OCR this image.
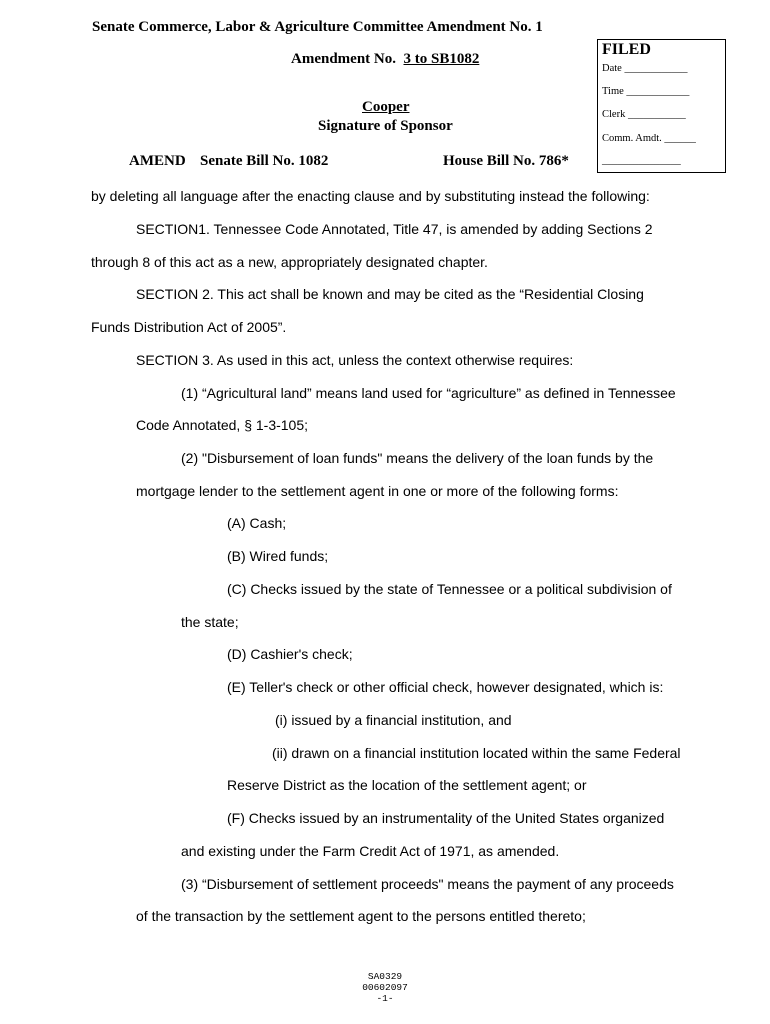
Senate Commerce, Labor & Agriculture Committee Amendment No. 1
Amendment No. 3 to SB1082
Cooper
Signature of Sponsor
AMEND Senate Bill No. 1082	House Bill No. 786*
FILED
Date ____________
Time ____________
Clerk ___________
Comm. Amdt. ______
_______________
by deleting all language after the enacting clause and by substituting instead the following:
SECTION1. Tennessee Code Annotated, Title 47, is amended by adding Sections 2
through 8 of this act as a new, appropriately designated chapter.
SECTION 2. This act shall be known and may be cited as the “Residential Closing
Funds Distribution Act of 2005”.
SECTION 3. As used in this act, unless the context otherwise requires:
(1) “Agricultural land” means land used for “agriculture” as defined in Tennessee
Code Annotated, § 1-3-105;
(2) "Disbursement of loan funds" means the delivery of the loan funds by the
mortgage lender to the settlement agent in one or more of the following forms:
(A) Cash;
(B) Wired funds;
(C) Checks issued by the state of Tennessee or a political subdivision of
the state;
(D) Cashier's check;
(E) Teller's check or other official check, however designated, which is:
(i) issued by a financial institution, and
(ii) drawn on a financial institution located within the same Federal
Reserve District as the location of the settlement agent; or
(F) Checks issued by an instrumentality of the United States organized
and existing under the Farm Credit Act of 1971, as amended.
(3) “Disbursement of settlement proceeds" means the payment of any proceeds
of the transaction by the settlement agent to the persons entitled thereto;
SA0329
00602097
-1-
